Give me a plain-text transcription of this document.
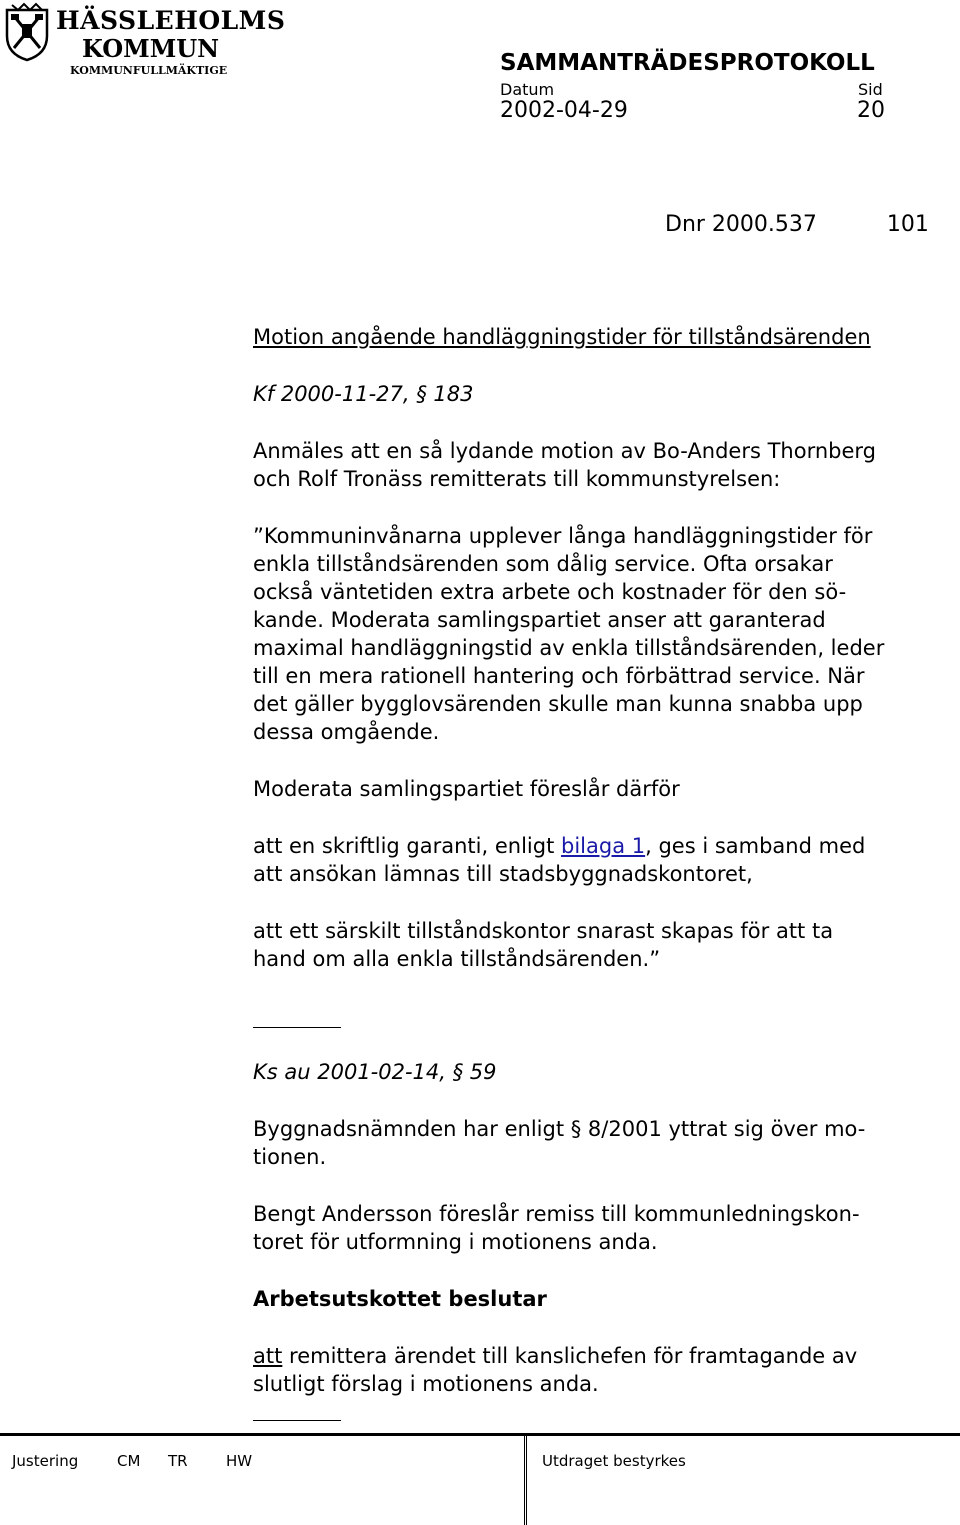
HÄSSLEHOLMS
KOMMUN
KOMMUNFULLMÄKTIGE	SAMMANTRÄDESPROTOKOLL
Datum
2002-04-29
Sid
20
Dnr 2000.537	101
Motion angående handläggningstider för tillståndsärenden
Kf 2000-11-27, § 183
Anmäles att en så lydande motion av Bo-Anders Thornberg
och Rolf Tronäss remitterats till kommunstyrelsen:
”Kommuninvånarna upplever långa handläggningstider för
enkla tillståndsärenden som dålig service. Ofta orsakar
också väntetiden extra arbete och kostnader för den sö-
kande. Moderata samlingspartiet anser att garanterad
maximal handläggningstid av enkla tillståndsärenden, leder
till en mera rationell hantering och förbättrad service. När
det gäller bygglovsärenden skulle man kunna snabba upp
dessa omgående.
Moderata samlingspartiet föreslår därför
att en skriftlig garanti, enligt bilaga 1, ges i samband med
att ansökan lämnas till stadsbyggnadskontoret,
att ett särskilt tillståndskontor snarast skapas för att ta
hand om alla enkla tillståndsärenden.”
Ks au 2001-02-14, § 59
Byggnadsnämnden har enligt § 8/2001 yttrat sig över mo-
tionen.
Bengt Andersson föreslår remiss till kommunledningskon-
toret för utformning i motionens anda.
Arbetsutskottet beslutar
att remittera ärendet till kanslichefen för framtagande av
slutligt förslag i motionens anda.
Justering	CM TR	HW	Utdraget bestyrkes
